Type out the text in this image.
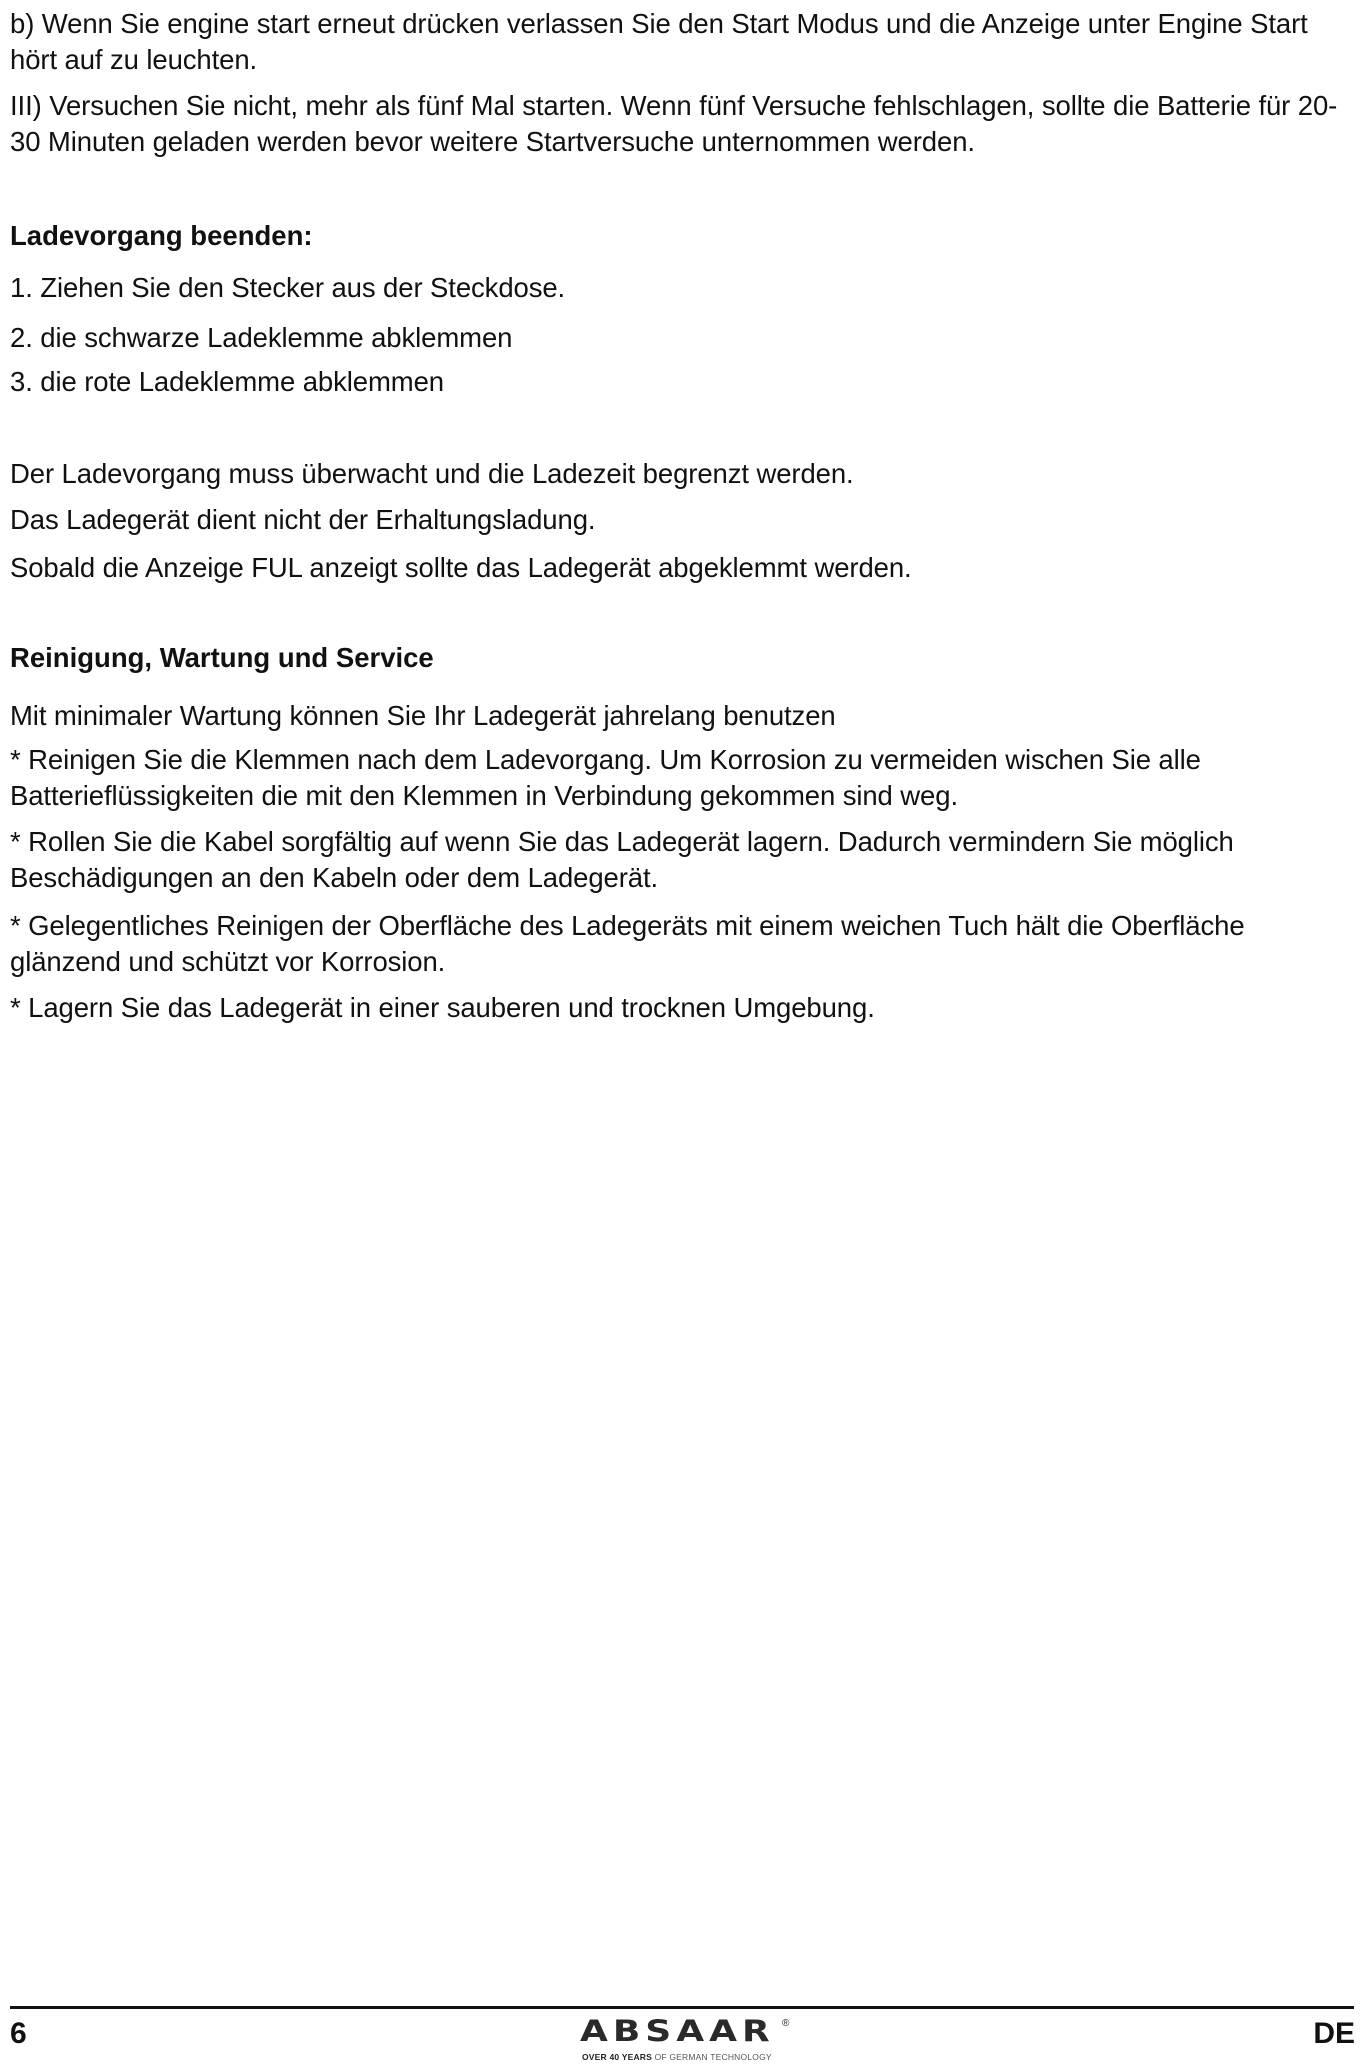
b) Wenn Sie engine start erneut drücken verlassen Sie den Start Modus und die Anzeige unter Engine Start hört auf zu leuchten.

III) Versuchen Sie nicht, mehr als fünf Mal starten. Wenn fünf Versuche fehlschlagen, sollte die Batterie für 20-30 Minuten geladen werden bevor weitere Startversuche unternommen werden.

Ladevorgang beenden:

1. Ziehen Sie den Stecker aus der Steckdose.

2. die schwarze Ladeklemme abklemmen

3. die rote Ladeklemme abklemmen

Der Ladevorgang muss überwacht und die Ladezeit begrenzt werden.

Das Ladegerät dient nicht der Erhaltungsladung.

Sobald die Anzeige FUL anzeigt sollte das Ladegerät abgeklemmt werden.

Reinigung, Wartung und Service

Mit minimaler Wartung können Sie Ihr Ladegerät jahrelang benutzen

* Reinigen Sie die Klemmen nach dem Ladevorgang. Um Korrosion zu vermeiden wischen Sie alle Batterieflüssigkeiten die mit den Klemmen in Verbindung gekommen sind weg.

* Rollen Sie die Kabel sorgfältig auf wenn Sie das Ladegerät lagern. Dadurch vermindern Sie möglich Beschädigungen an den Kabeln oder dem Ladegerät.

* Gelegentliches Reinigen der Oberfläche des Ladegeräts mit einem weichen Tuch hält die Oberfläche glänzend und schützt vor Korrosion.

* Lagern Sie das Ladegerät in einer sauberen und trocknen Umgebung.

6	ABSAAR ®
OVER 40 YEARS OF GERMAN TECHNOLOGY
DE
